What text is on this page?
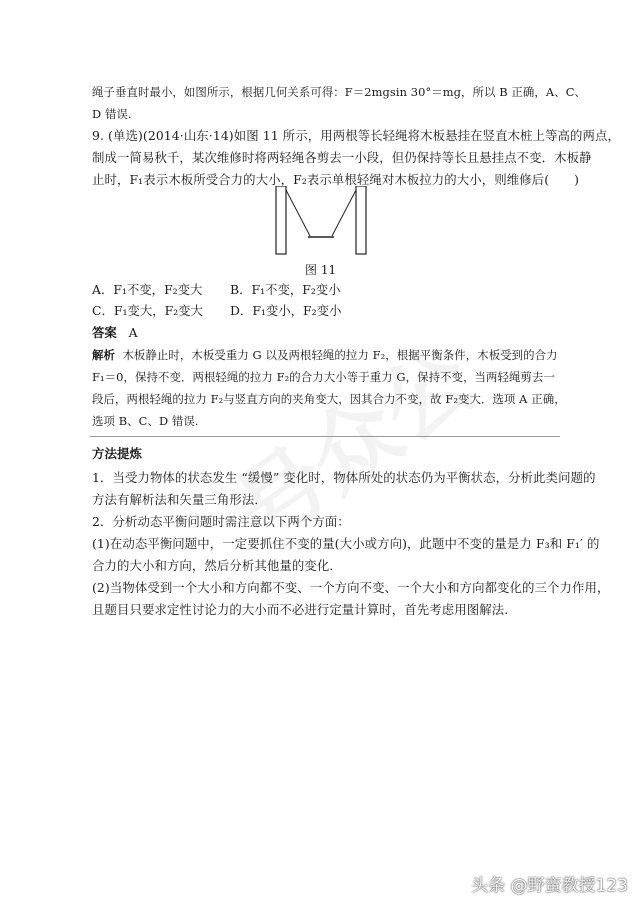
绳子垂直时最小，如图所示，根据几何关系可得：F＝2mgsin 30°＝mg，所以 B 正确，A、C、
D 错误.
9. (单选)(2014·山东·14)如图 11 所示，用两根等长轻绳将木板悬挂在竖直木桩上等高的两点，
制成一简易秋千，某次维修时将两轻绳各剪去一小段，但仍保持等长且悬挂点不变．木板静
止时，F₁表示木板所受合力的大小，F₂表示单根轻绳对木板拉力的大小，则维修后(　　)
图 11
A．F₁不变，F₂变大 B．F₁不变，F₂变小
C．F₁变大，F₂变大 D．F₁变小，F₂变小
答案 A
解析 木板静止时，木板受重力 G 以及两根轻绳的拉力 F₂，根据平衡条件，木板受到的合力
F₁＝0，保持不变．两根轻绳的拉力 F₂的合力大小等于重力 G，保持不变，当两轻绳剪去一
段后，两根轻绳的拉力 F₂与竖直方向的夹角变大，因其合力不变，故 F₂变大．选项 A 正确，
选项 B、C、D 错误.
方法提炼
1．当受力物体的状态发生 “缓慢” 变化时，物体所处的状态仍为平衡状态，分析此类问题的
方法有解析法和矢量三角形法．
2．分析动态平衡问题时需注意以下两个方面：
(1)在动态平衡问题中，一定要抓住不变的量(大小或方向)，此题中不变的量是力 F₃和 F₁′ 的
合力的大小和方向，然后分析其他量的变化．
(2)当物体受到一个大小和方向都不变、一个方向不变、一个大小和方向都变化的三个力作用，
且题目只要求定性讨论力的大小而不必进行定量计算时，首先考虑用图解法.
头条 @野蛮教授123
